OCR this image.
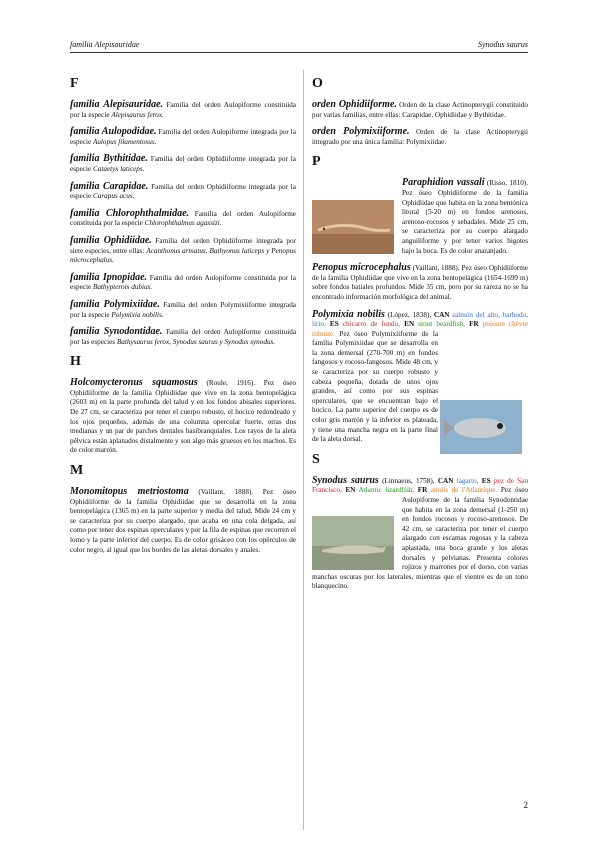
familia Alepisauridae	Synodus saurus
F
familia Alepisauridae. Familia del orden Aulopiforme constituida por la especie Alepisaurus ferox.
familia Aulopodidae. Familia del orden Aulopiforme integrada por la especie Aulopus filamentosus.
familia Bythitidae. Familia del orden Ophidiiforme integrada por la especie Cataetyx laticeps.
familia Carapidae. Familia del orden Ophidiiforme integrada por la especie Carapus acus.
familia Chlorophthalmidae. Familia del orden Aulopiforme constituida por la especie Chlorophthalmus agassizi.
familia Ophidiidae. Familia del orden Ophidiiforme integrada por siete especies, entre ellas: Acanthonus armatus, Bathyonus laticeps y Penopus microcephalus.
familia Ipnopidae. Familia del orden Aulopiforme constituida por la especie Bathypterois dubius.
familia Polymixiidae. Familia del orden Polymixiiforme integrada por la especie Polymixia nobilis.
familia Synodontidae. Familia del orden Aulopiforme constituida por las especies Bathysaurus ferox, Synodus saurus y Synodus synodus.
H
Holcomycteronus squamosus (Roule, 1916). Pez óseo Ophidiiforme de la familia Ophidiidae que vive en la zona bentopelágica (2603 m) en la parte profunda del talud y en los fondos abisales superiores. De 27 cm, se caracteriza por tener el cuerpo robusto, el hocico redondeado y los ojos pequeños, además de una columna opercular fuerte, otras dos medianas y un par de parches dentales basibranquiales. Los rayos de la aleta pélvica están aplanados distalmente y son algo más gruesos en los machos. Es de color marrón.
M
Monomitopus metriostoma (Vaillant, 1888). Pez óseo Ophidiiforme de la familia Ophidiidae que se desarrolla en la zona bentopelágica (1365 m) en la parte superior y media del talud. Mide 24 cm y se caracteriza por su cuerpo alargado, que acaba en una cola delgada, así como por tener dos espinas operculares y por la fila de espinas que recorren el lomo y la parte inferior del cuerpo. Es de color grisáceo con los opérculos de color negro, al igual que los bordes de las aletas dorsales y anales.
O
orden Ophidiiforme. Orden de la clase Actinopterygii constituido por varias familias, entre ellas: Carapidae, Ophidiidae y Bythitidae.
orden Polymixiiforme. Orden de la clase Actinopterygii integrado por una única familia: Polymixiidae.
P
Paraphidion vassali (Risso, 1810). Pez óseo Ophidiiforme de la familia Ophidiidae que habita en la zona bentónica litoral (5-20 m) en fondos arenosos, arenoso-rocosos y sebadales. Mide 25 cm, se caracteriza por su cuerpo alargado anguiliforme y por tener varios bigotes bajo la boca. Es de color anaranjado.
Penopus microcephalus (Vaillant, 1888). Pez óseo Ophidiiforme de la familia Ophidiidae que vive en la zona bentopelágica (1654-1699 m) sobre fondos batiales profundos. Mide 35 cm, pero por su rareza no se ha encontrado información morfológica del animal.
Polymixia nobilis (López, 1838), CAN salmón del alto, barbudo, lirio, ES chicarro de fondo, EN stout beardfish, FR poisson chèvre robuste.
Pez óseo Polymixiiforme de la familia Polymixiidae que se desarrolla en la zona demersal (270-700 m) en fondos fangosos y rocoso-fangosos. Mide 48 cm, y se caracteriza por su cuerpo robusto y cabeza pequeña, dotada de unos ojos grandes, así como por sus espinas operculares, que se encuentran bajo el hocico. La parte superior del cuerpo es de color gris marrón y la inferior es plateada, y tiene una mancha negra en la parte final de la aleta dorsal.
S
Synodus saurus (Linnaeus, 1758), CAN lagarto, ES pez de San Francisco, EN Atlantic lizardfish, FR anolis de l'Atlantique.
Pez óseo Aulopiforme de la familia Synodontidae que habita en la zona demersal (1-250 m) en fondos rocosos y rocoso-arenosos. De 42 cm, se caracteriza por tener el cuerpo alargado con escamas rugosas y la cabeza aplastada, una boca grande y los aletas dorsales y pelvianas. Presenta colores rojizos y marrones por el dorso, con varias manchas oscuras por los laterales, mientras que el vientre es de un tono blanquecino.
2
